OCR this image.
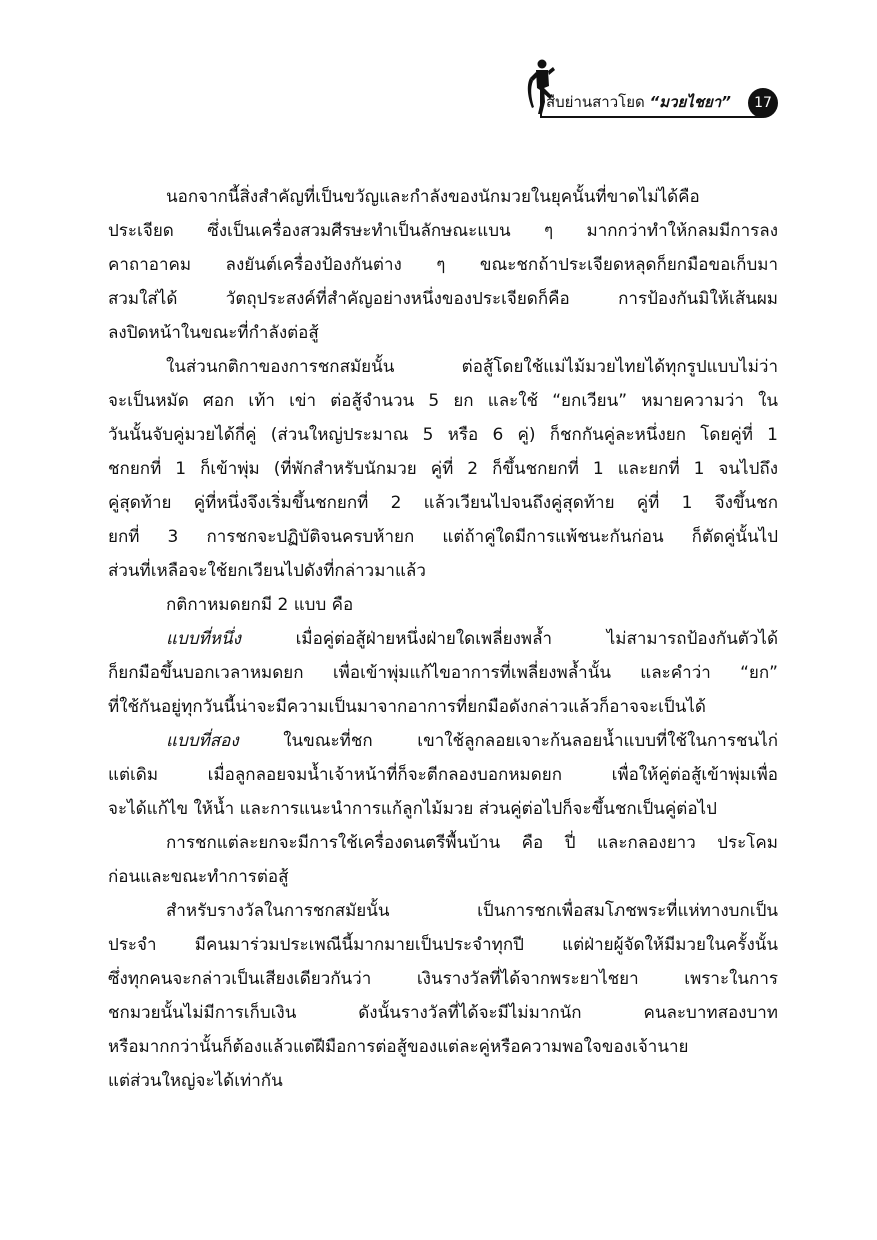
สืบย่านสาวโยด “มวยไชยา”	17
นอกจากนี้สิ่งสำคัญที่เป็นขวัญและกำลังของนักมวยในยุคนั้นที่ขาดไม่ได้คือ
ประเจียด ซึ่งเป็นเครื่องสวมศีรษะทำเป็นลักษณะแบน ๆ มากกว่าทำให้กลมมีการลง
คาถาอาคม ลงยันต์เครื่องป้องกันต่าง ๆ ขณะชกถ้าประเจียดหลุดก็ยกมือขอเก็บมา
สวมใส่ได้ วัตถุประสงค์ที่สำคัญอย่างหนึ่งของประเจียดก็คือ การป้องกันมิให้เส้นผม
ลงปิดหน้าในขณะที่กำลังต่อสู้
ในส่วนกติกาของการชกสมัยนั้น ต่อสู้โดยใช้แม่ไม้มวยไทยได้ทุกรูปแบบไม่ว่า
จะเป็นหมัด ศอก เท้า เข่า ต่อสู้จำนวน 5 ยก และใช้ “ยกเวียน” หมายความว่า ใน
วันนั้นจับคู่มวยได้กี่คู่ (ส่วนใหญ่ประมาณ 5 หรือ 6 คู่) ก็ชกกันคู่ละหนึ่งยก โดยคู่ที่ 1
ชกยกที่ 1 ก็เข้าพุ่ม (ที่พักสำหรับนักมวย คู่ที่ 2 ก็ขึ้นชกยกที่ 1 และยกที่ 1 จนไปถึง
คู่สุดท้าย คู่ที่หนึ่งจึงเริ่มขึ้นชกยกที่ 2 แล้วเวียนไปจนถึงคู่สุดท้าย คู่ที่ 1 จึงขึ้นชก
ยกที่ 3 การชกจะปฏิบัติจนครบห้ายก แต่ถ้าคู่ใดมีการแพ้ชนะกันก่อน ก็ตัดคู่นั้นไป
ส่วนที่เหลือจะใช้ยกเวียนไปดังที่กล่าวมาแล้ว
กติกาหมดยกมี 2 แบบ คือ
แบบที่หนึ่ง	เมื่อคู่ต่อสู้ฝ่ายหนึ่งฝ่ายใดเพลี่ยงพล้ำ ไม่สามารถป้องกันตัวได้
ก็ยกมือขึ้นบอกเวลาหมดยก เพื่อเข้าพุ่มแก้ไขอาการที่เพลี่ยงพล้ำนั้น และคำว่า “ยก”
ที่ใช้กันอยู่ทุกวันนี้น่าจะมีความเป็นมาจากอาการที่ยกมือดังกล่าวแล้วก็อาจจะเป็นได้
แบบที่สอง	ในขณะที่ชก เขาใช้ลูกลอยเจาะก้นลอยน้ำแบบที่ใช้ในการชนไก่
แต่เดิม เมื่อลูกลอยจมน้ำเจ้าหน้าที่ก็จะตีกลองบอกหมดยก เพื่อให้คู่ต่อสู้เข้าพุ่มเพื่อ
จะได้แก้ไข ให้น้ำ และการแนะนำการแก้ลูกไม้มวย ส่วนคู่ต่อไปก็จะขึ้นชกเป็นคู่ต่อไป
การชกแต่ละยกจะมีการใช้เครื่องดนตรีพื้นบ้าน คือ ปี่ และกลองยาว ประโคม
ก่อนและขณะทำการต่อสู้
สำหรับรางวัลในการชกสมัยนั้น เป็นการชกเพื่อสมโภชพระที่แห่ทางบกเป็น
ประจำ มีคนมาร่วมประเพณีนี้มากมายเป็นประจำทุกปี แต่ฝ่ายผู้จัดให้มีมวยในครั้งนั้น
ซึ่งทุกคนจะกล่าวเป็นเสียงเดียวกันว่า เงินรางวัลที่ได้จากพระยาไชยา เพราะในการ
ชกมวยนั้นไม่มีการเก็บเงิน ดังนั้นรางวัลที่ได้จะมีไม่มากนัก คนละบาทสองบาท
หรือมากกว่านั้นก็ต้องแล้วแต่ฝีมือการต่อสู้ของแต่ละคู่หรือความพอใจของเจ้านาย
แต่ส่วนใหญ่จะได้เท่ากัน
